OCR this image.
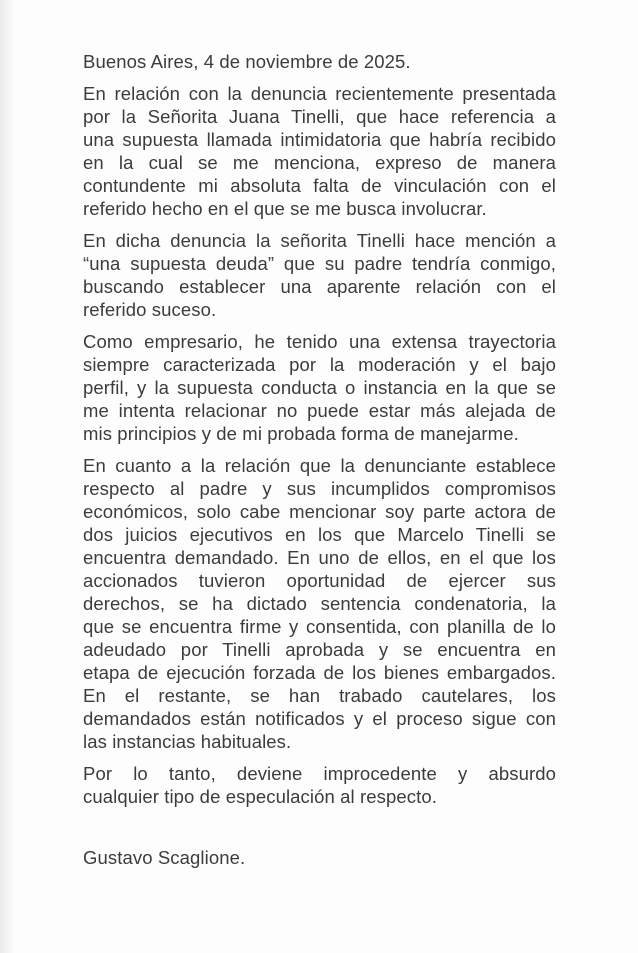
Buenos Aires, 4 de noviembre de 2025.
En relación con la denuncia recientemente presentada
por la Señorita Juana Tinelli, que hace referencia a
una supuesta llamada intimidatoria que habría recibido
en la cual se me menciona, expreso de manera
contundente mi absoluta falta de vinculación con el
referido hecho en el que se me busca involucrar.
En dicha denuncia la señorita Tinelli hace mención a
“una supuesta deuda” que su padre tendría conmigo,
buscando establecer una aparente relación con el
referido suceso.
Como empresario, he tenido una extensa trayectoria
siempre caracterizada por la moderación y el bajo
perfil, y la supuesta conducta o instancia en la que se
me intenta relacionar no puede estar más alejada de
mis principios y de mi probada forma de manejarme.
En cuanto a la relación que la denunciante establece
respecto al padre y sus incumplidos compromisos
económicos, solo cabe mencionar soy parte actora de
dos juicios ejecutivos en los que Marcelo Tinelli se
encuentra demandado. En uno de ellos, en el que los
accionados tuvieron oportunidad de ejercer sus
derechos, se ha dictado sentencia condenatoria, la
que se encuentra firme y consentida, con planilla de lo
adeudado por Tinelli aprobada y se encuentra en
etapa de ejecución forzada de los bienes embargados.
En el restante, se han trabado cautelares, los
demandados están notificados y el proceso sigue con
las instancias habituales.
Por lo tanto, deviene improcedente y absurdo
cualquier tipo de especulación al respecto.
Gustavo Scaglione.
